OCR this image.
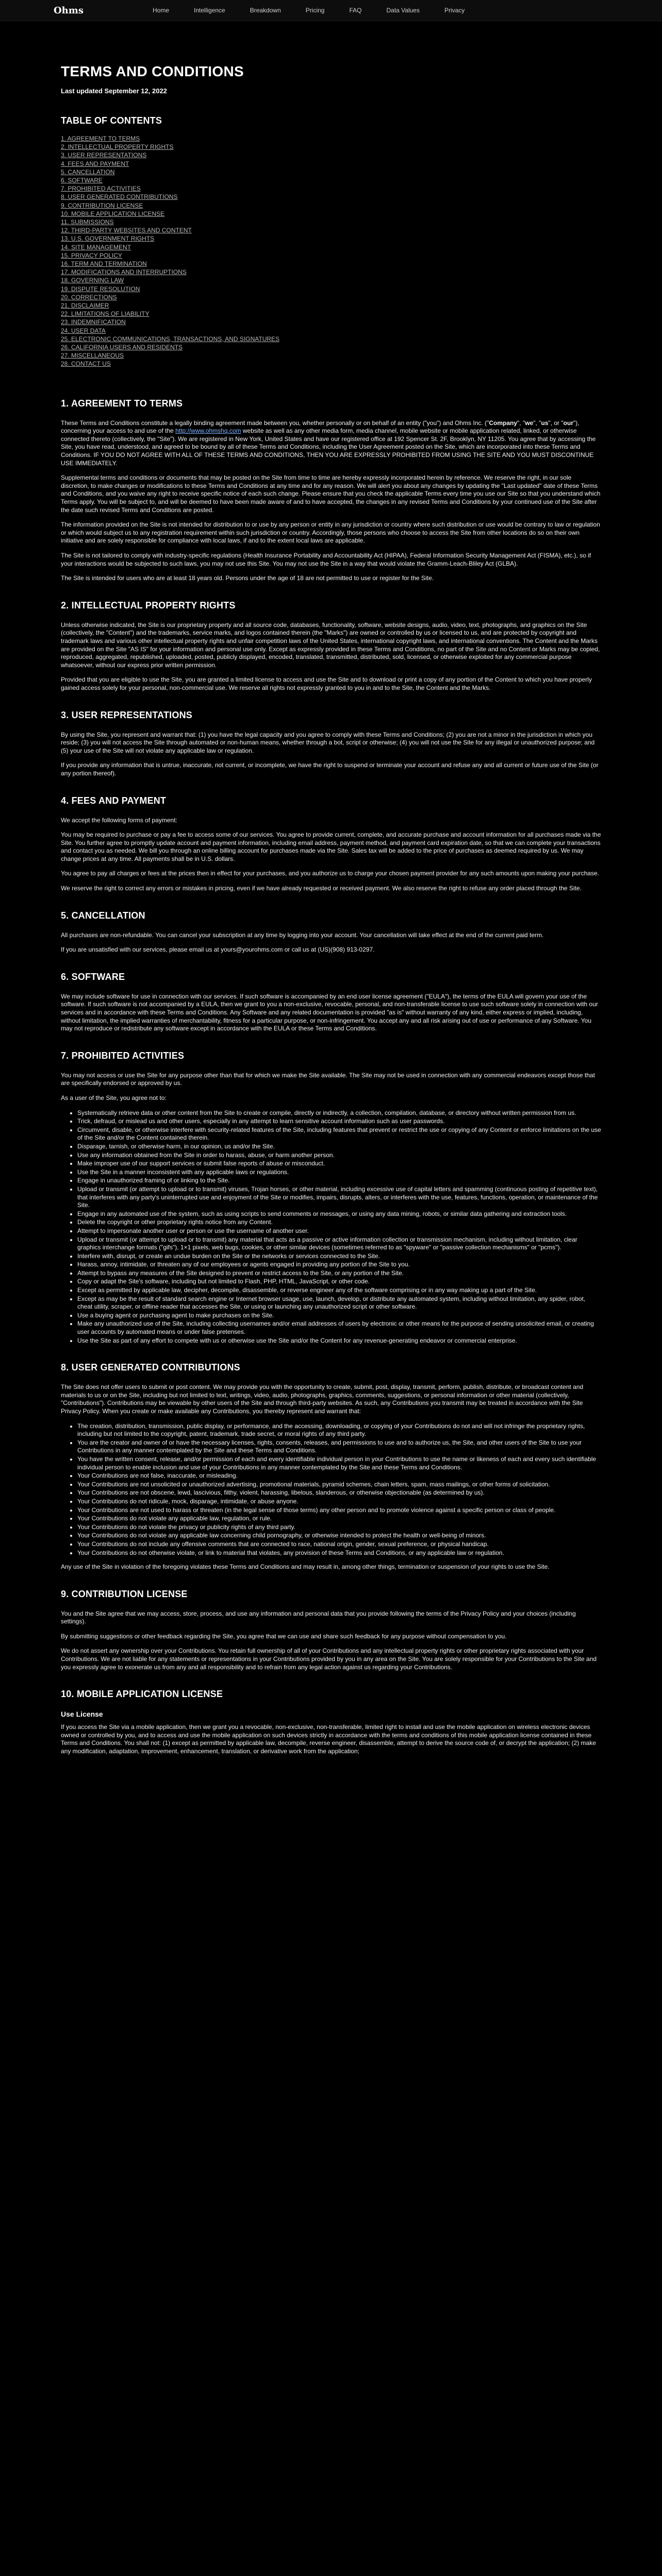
Ohms	Home	Intelligence	Breakdown	Pricing	FAQ	Data Values	Privacy
TERMS AND CONDITIONS
Last updated September 12, 2022
TABLE OF CONTENTS
1. AGREEMENT TO TERMS
2. INTELLECTUAL PROPERTY RIGHTS
3. USER REPRESENTATIONS
4. FEES AND PAYMENT
5. CANCELLATION
6. SOFTWARE
7. PROHIBITED ACTIVITIES
8. USER GENERATED CONTRIBUTIONS
9. CONTRIBUTION LICENSE
10. MOBILE APPLICATION LICENSE
11. SUBMISSIONS
12. THIRD-PARTY WEBSITES AND CONTENT
13. U.S. GOVERNMENT RIGHTS
14. SITE MANAGEMENT
15. PRIVACY POLICY
16. TERM AND TERMINATION
17. MODIFICATIONS AND INTERRUPTIONS
18. GOVERNING LAW
19. DISPUTE RESOLUTION
20. CORRECTIONS
21. DISCLAIMER
22. LIMITATIONS OF LIABILITY
23. INDEMNIFICATION
24. USER DATA
25. ELECTRONIC COMMUNICATIONS, TRANSACTIONS, AND SIGNATURES
26. CALIFORNIA USERS AND RESIDENTS
27. MISCELLANEOUS
28. CONTACT US
1. AGREEMENT TO TERMS

These Terms and Conditions constitute a legally binding agreement made between you, whether personally or on behalf of an entity ("you") and Ohms Inc. ("Company", "we", "us", or "our"), concerning your access to and use of the http://www.ohmshq.com website as well as any other media form, media channel, mobile website or mobile application related, linked, or otherwise connected thereto (collectively, the "Site"). We are registered in New York, United States and have our registered office at 192 Spencer St. 2F, Brooklyn, NY 11205. You agree that by accessing the Site, you have read, understood, and agreed to be bound by all of these Terms and Conditions, including the User Agreement posted on the Site, which are incorporated into these Terms and Conditions. IF YOU DO NOT AGREE WITH ALL OF THESE TERMS AND CONDITIONS, THEN YOU ARE EXPRESSLY PROHIBITED FROM USING THE SITE AND YOU MUST DISCONTINUE USE IMMEDIATELY.

Supplemental terms and conditions or documents that may be posted on the Site from time to time are hereby expressly incorporated herein by reference. We reserve the right, in our sole discretion, to make changes or modifications to these Terms and Conditions at any time and for any reason. We will alert you about any changes by updating the "Last updated" date of these Terms and Conditions, and you waive any right to receive specific notice of each such change. Please ensure that you check the applicable Terms every time you use our Site so that you understand which Terms apply. You will be subject to, and will be deemed to have been made aware of and to have accepted, the changes in any revised Terms and Conditions by your continued use of the Site after the date such revised Terms and Conditions are posted.

The information provided on the Site is not intended for distribution to or use by any person or entity in any jurisdiction or country where such distribution or use would be contrary to law or regulation or which would subject us to any registration requirement within such jurisdiction or country. Accordingly, those persons who choose to access the Site from other locations do so on their own initiative and are solely responsible for compliance with local laws, if and to the extent local laws are applicable.

The Site is not tailored to comply with industry-specific regulations (Health Insurance Portability and Accountability Act (HIPAA), Federal Information Security Management Act (FISMA), etc.), so if your interactions would be subjected to such laws, you may not use this Site. You may not use the Site in a way that would violate the Gramm-Leach-Bliley Act (GLBA).

The Site is intended for users who are at least 18 years old. Persons under the age of 18 are not permitted to use or register for the Site.

2. INTELLECTUAL PROPERTY RIGHTS

Unless otherwise indicated, the Site is our proprietary property and all source code, databases, functionality, software, website designs, audio, video, text, photographs, and graphics on the Site (collectively, the "Content") and the trademarks, service marks, and logos contained therein (the "Marks") are owned or controlled by us or licensed to us, and are protected by copyright and trademark laws and various other intellectual property rights and unfair competition laws of the United States, international copyright laws, and international conventions. The Content and the Marks are provided on the Site "AS IS" for your information and personal use only. Except as expressly provided in these Terms and Conditions, no part of the Site and no Content or Marks may be copied, reproduced, aggregated, republished, uploaded, posted, publicly displayed, encoded, translated, transmitted, distributed, sold, licensed, or otherwise exploited for any commercial purpose whatsoever, without our express prior written permission.

Provided that you are eligible to use the Site, you are granted a limited license to access and use the Site and to download or print a copy of any portion of the Content to which you have properly gained access solely for your personal, non-commercial use. We reserve all rights not expressly granted to you in and to the Site, the Content and the Marks.

3. USER REPRESENTATIONS

By using the Site, you represent and warrant that: (1) you have the legal capacity and you agree to comply with these Terms and Conditions; (2) you are not a minor in the jurisdiction in which you reside; (3) you will not access the Site through automated or non-human means, whether through a bot, script or otherwise; (4) you will not use the Site for any illegal or unauthorized purpose; and (5) your use of the Site will not violate any applicable law or regulation.

If you provide any information that is untrue, inaccurate, not current, or incomplete, we have the right to suspend or terminate your account and refuse any and all current or future use of the Site (or any portion thereof).

4. FEES AND PAYMENT

We accept the following forms of payment:

You may be required to purchase or pay a fee to access some of our services. You agree to provide current, complete, and accurate purchase and account information for all purchases made via the Site. You further agree to promptly update account and payment information, including email address, payment method, and payment card expiration date, so that we can complete your transactions and contact you as needed. We bill you through an online billing account for purchases made via the Site. Sales tax will be added to the price of purchases as deemed required by us. We may change prices at any time. All payments shall be in U.S. dollars.

You agree to pay all charges or fees at the prices then in effect for your purchases, and you authorize us to charge your chosen payment provider for any such amounts upon making your purchase.

We reserve the right to correct any errors or mistakes in pricing, even if we have already requested or received payment. We also reserve the right to refuse any order placed through the Site.

5. CANCELLATION

All purchases are non-refundable. You can cancel your subscription at any time by logging into your account. Your cancellation will take effect at the end of the current paid term.

If you are unsatisfied with our services, please email us at yours@yourohms.com or call us at (US)(908) 913-0297.

6. SOFTWARE

We may include software for use in connection with our services. If such software is accompanied by an end user license agreement ("EULA"), the terms of the EULA will govern your use of the software. If such software is not accompanied by a EULA, then we grant to you a non-exclusive, revocable, personal, and non-transferable license to use such software solely in connection with our services and in accordance with these Terms and Conditions. Any Software and any related documentation is provided "as is" without warranty of any kind, either express or implied, including, without limitation, the implied warranties of merchantability, fitness for a particular purpose, or non-infringement. You accept any and all risk arising out of use or performance of any Software. You may not reproduce or redistribute any software except in accordance with the EULA or these Terms and Conditions.

7. PROHIBITED ACTIVITIES

You may not access or use the Site for any purpose other than that for which we make the Site available. The Site may not be used in connection with any commercial endeavors except those that are specifically endorsed or approved by us.

As a user of the Site, you agree not to:

• Systematically retrieve data or other content from the Site to create or compile, directly or indirectly, a collection, compilation, database, or directory without written permission from us.
• Trick, defraud, or mislead us and other users, especially in any attempt to learn sensitive account information such as user passwords.
• Circumvent, disable, or otherwise interfere with security-related features of the Site, including features that prevent or restrict the use or copying of any Content or enforce limitations on the use of the Site and/or the Content contained therein.
• Disparage, tarnish, or otherwise harm, in our opinion, us and/or the Site.
• Use any information obtained from the Site in order to harass, abuse, or harm another person.
• Make improper use of our support services or submit false reports of abuse or misconduct.
• Use the Site in a manner inconsistent with any applicable laws or regulations.
• Engage in unauthorized framing of or linking to the Site.
• Upload or transmit (or attempt to upload or to transmit) viruses, Trojan horses, or other material, including excessive use of capital letters and spamming (continuous posting of repetitive text), that interferes with any party's uninterrupted use and enjoyment of the Site or modifies, impairs, disrupts, alters, or interferes with the use, features, functions, operation, or maintenance of the Site.
• Engage in any automated use of the system, such as using scripts to send comments or messages, or using any data mining, robots, or similar data gathering and extraction tools.
• Delete the copyright or other proprietary rights notice from any Content.
• Attempt to impersonate another user or person or use the username of another user.
• Upload or transmit (or attempt to upload or to transmit) any material that acts as a passive or active information collection or transmission mechanism, including without limitation, clear graphics interchange formats ("gifs"), 1×1 pixels, web bugs, cookies, or other similar devices (sometimes referred to as "spyware" or "passive collection mechanisms" or "pcms").
• Interfere with, disrupt, or create an undue burden on the Site or the networks or services connected to the Site.
• Harass, annoy, intimidate, or threaten any of our employees or agents engaged in providing any portion of the Site to you.
• Attempt to bypass any measures of the Site designed to prevent or restrict access to the Site, or any portion of the Site.
• Copy or adapt the Site's software, including but not limited to Flash, PHP, HTML, JavaScript, or other code.
• Except as permitted by applicable law, decipher, decompile, disassemble, or reverse engineer any of the software comprising or in any way making up a part of the Site.
• Except as may be the result of standard search engine or Internet browser usage, use, launch, develop, or distribute any automated system, including without limitation, any spider, robot, cheat utility, scraper, or offline reader that accesses the Site, or using or launching any unauthorized script or other software.
• Use a buying agent or purchasing agent to make purchases on the Site.
• Make any unauthorized use of the Site, including collecting usernames and/or email addresses of users by electronic or other means for the purpose of sending unsolicited email, or creating user accounts by automated means or under false pretenses.
• Use the Site as part of any effort to compete with us or otherwise use the Site and/or the Content for any revenue-generating endeavor or commercial enterprise.
8. USER GENERATED CONTRIBUTIONS

The Site does not offer users to submit or post content. We may provide you with the opportunity to create, submit, post, display, transmit, perform, publish, distribute, or broadcast content and materials to us or on the Site, including but not limited to text, writings, video, audio, photographs, graphics, comments, suggestions, or personal information or other material (collectively, "Contributions"). Contributions may be viewable by other users of the Site and through third-party websites. As such, any Contributions you transmit may be treated in accordance with the Site Privacy Policy. When you create or make available any Contributions, you thereby represent and warrant that:

• The creation, distribution, transmission, public display, or performance, and the accessing, downloading, or copying of your Contributions do not and will not infringe the proprietary rights, including but not limited to the copyright, patent, trademark, trade secret, or moral rights of any third party.
• You are the creator and owner of or have the necessary licenses, rights, consents, releases, and permissions to use and to authorize us, the Site, and other users of the Site to use your Contributions in any manner contemplated by the Site and these Terms and Conditions.
• You have the written consent, release, and/or permission of each and every identifiable individual person in your Contributions to use the name or likeness of each and every such identifiable individual person to enable inclusion and use of your Contributions in any manner contemplated by the Site and these Terms and Conditions.
• Your Contributions are not false, inaccurate, or misleading.
• Your Contributions are not unsolicited or unauthorized advertising, promotional materials, pyramid schemes, chain letters, spam, mass mailings, or other forms of solicitation.
• Your Contributions are not obscene, lewd, lascivious, filthy, violent, harassing, libelous, slanderous, or otherwise objectionable (as determined by us).
• Your Contributions do not ridicule, mock, disparage, intimidate, or abuse anyone.
• Your Contributions are not used to harass or threaten (in the legal sense of those terms) any other person and to promote violence against a specific person or class of people.
• Your Contributions do not violate any applicable law, regulation, or rule.
• Your Contributions do not violate the privacy or publicity rights of any third party.
• Your Contributions do not violate any applicable law concerning child pornography, or otherwise intended to protect the health or well-being of minors.
• Your Contributions do not include any offensive comments that are connected to race, national origin, gender, sexual preference, or physical handicap.
• Your Contributions do not otherwise violate, or link to material that violates, any provision of these Terms and Conditions, or any applicable law or regulation.

Any use of the Site in violation of the foregoing violates these Terms and Conditions and may result in, among other things, termination or suspension of your rights to use the Site.

9. CONTRIBUTION LICENSE

You and the Site agree that we may access, store, process, and use any information and personal data that you provide following the terms of the Privacy Policy and your choices (including settings).

By submitting suggestions or other feedback regarding the Site, you agree that we can use and share such feedback for any purpose without compensation to you.

We do not assert any ownership over your Contributions. You retain full ownership of all of your Contributions and any intellectual property rights or other proprietary rights associated with your Contributions. We are not liable for any statements or representations in your Contributions provided by you in any area on the Site. You are solely responsible for your Contributions to the Site and you expressly agree to exonerate us from any and all responsibility and to refrain from any legal action against us regarding your Contributions.

10. MOBILE APPLICATION LICENSE
Use License

If you access the Site via a mobile application, then we grant you a revocable, non-exclusive, non-transferable, limited right to install and use the mobile application on wireless electronic devices owned or controlled by you, and to access and use the mobile application on such devices strictly in accordance with the terms and conditions of this mobile application license contained in these Terms and Conditions. You shall not: (1) except as permitted by applicable law, decompile, reverse engineer, disassemble, attempt to derive the source code of, or decrypt the application; (2) make any modification, adaptation, improvement, enhancement, translation, or derivative work from the application;
